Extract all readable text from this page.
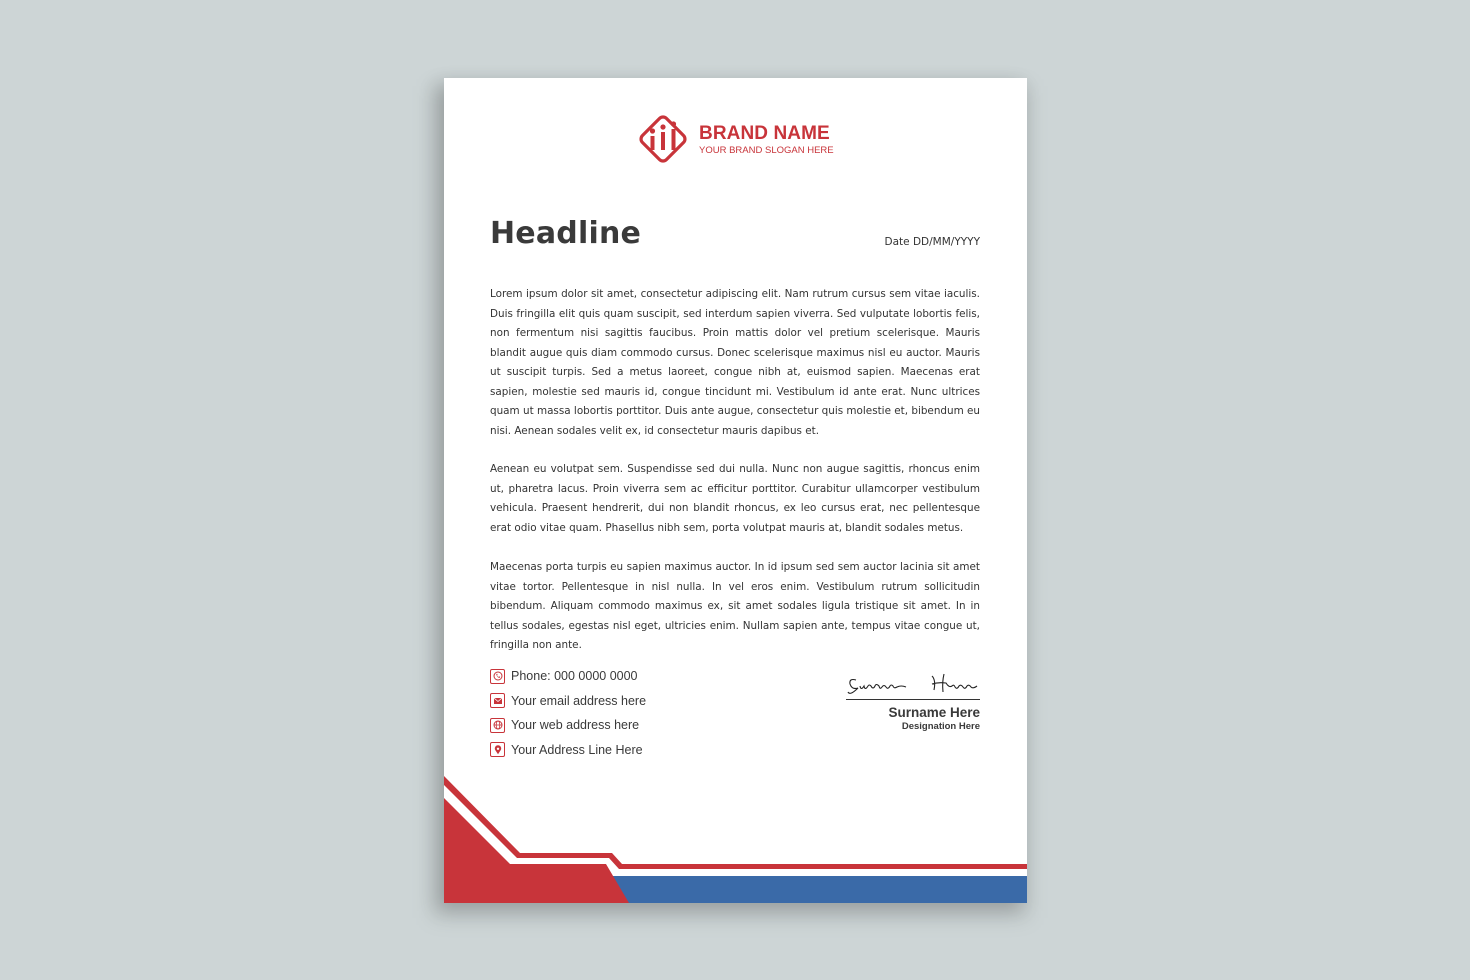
BRAND NAME
YOUR BRAND SLOGAN HERE
Headline	Date DD/MM/YYYY
Lorem ipsum dolor sit amet, consectetur adipiscing elit. Nam rutrum cursus sem vitae iaculis. Duis fringilla elit quis quam suscipit, sed interdum sapien viverra. Sed vulputate lobortis felis, non fermentum nisi sagittis faucibus. Proin mattis dolor vel pretium scelerisque. Mauris blandit augue quis diam commodo cursus. Donec scelerisque maximus nisl eu auctor. Mauris ut suscipit turpis. Sed a metus laoreet, congue nibh at, euismod sapien. Maecenas erat sapien, molestie sed mauris id, congue tincidunt mi. Vestibulum id ante erat. Nunc ultrices quam ut massa lobortis porttitor. Duis ante augue, consectetur quis molestie et, bibendum eu nisi. Aenean sodales velit ex, id consectetur mauris dapibus et.
Aenean eu volutpat sem. Suspendisse sed dui nulla. Nunc non augue sagittis, rhoncus enim ut, pharetra lacus. Proin viverra sem ac efficitur porttitor. Curabitur ullamcorper vestibulum vehicula. Praesent hendrerit, dui non blandit rhoncus, ex leo cursus erat, nec pellentesque erat odio vitae quam. Phasellus nibh sem, porta volutpat mauris at, blandit sodales metus.
Maecenas porta turpis eu sapien maximus auctor. In id ipsum sed sem auctor lacinia sit amet vitae tortor. Pellentesque in nisl nulla. In vel eros enim. Vestibulum rutrum sollicitudin bibendum. Aliquam commodo maximus ex, sit amet sodales ligula tristique sit amet. In in tellus sodales, egestas nisl eget, ultricies enim. Nullam sapien ante, tempus vitae congue ut, fringilla non ante.
Phone: 000 0000 0000
Your email address here
Your web address here
Your Address Line Here
Surname Here
Designation Here
